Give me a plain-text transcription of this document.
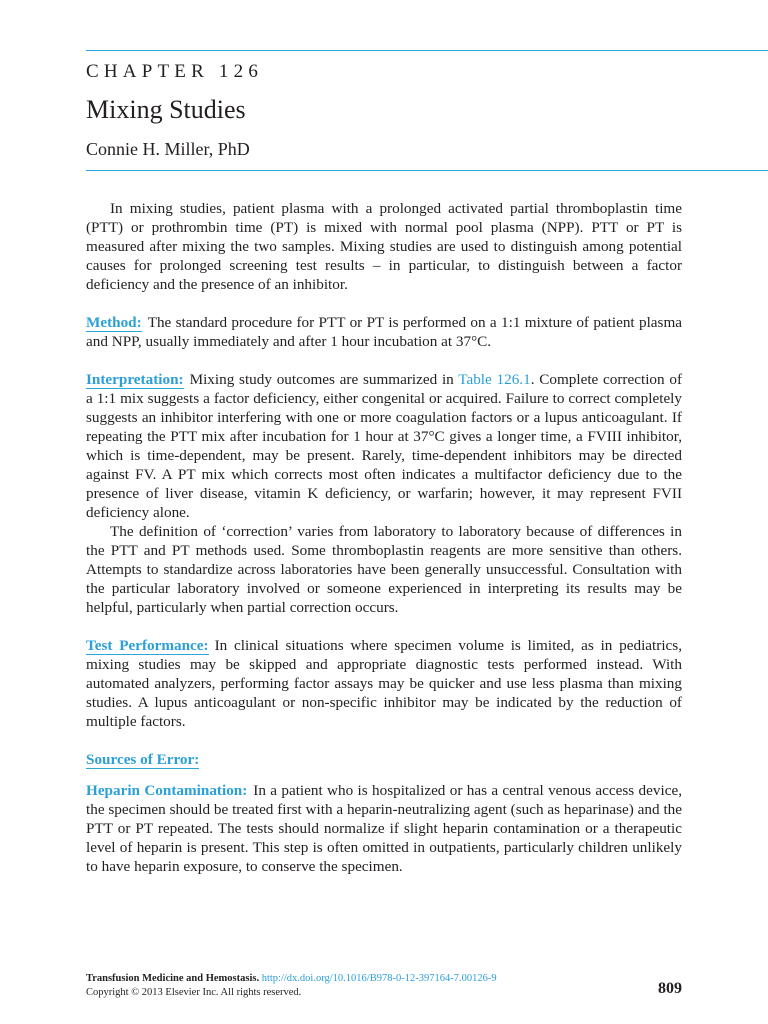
CHAPTER 126
Mixing Studies
Connie H. Miller, PhD

In mixing studies, patient plasma with a prolonged activated partial thromboplastin time (PTT) or prothrombin time (PT) is mixed with normal pool plasma (NPP). PTT or PT is measured after mixing the two samples. Mixing studies are used to distinguish among potential causes for prolonged screening test results – in particular, to distinguish between a factor deficiency and the presence of an inhibitor.

Method: The standard procedure for PTT or PT is performed on a 1:1 mixture of patient plasma and NPP, usually immediately and after 1 hour incubation at 37°C.

Interpretation: Mixing study outcomes are summarized in Table 126.1. Complete correction of a 1:1 mix suggests a factor deficiency, either congenital or acquired. Failure to correct completely suggests an inhibitor interfering with one or more coagulation factors or a lupus anticoagulant. If repeating the PTT mix after incubation for 1 hour at 37°C gives a longer time, a FVIII inhibitor, which is time-dependent, may be present. Rarely, time-dependent inhibitors may be directed against FV. A PT mix which corrects most often indicates a multifactor deficiency due to the presence of liver disease, vitamin K deficiency, or warfarin; however, it may represent FVII deficiency alone.

The definition of ‘correction’ varies from laboratory to laboratory because of differences in the PTT and PT methods used. Some thromboplastin reagents are more sensitive than others. Attempts to standardize across laboratories have been generally unsuccessful. Consultation with the particular laboratory involved or someone experienced in interpreting its results may be helpful, particularly when partial correction occurs.

Test Performance: In clinical situations where specimen volume is limited, as in pediatrics, mixing studies may be skipped and appropriate diagnostic tests performed instead. With automated analyzers, performing factor assays may be quicker and use less plasma than mixing studies. A lupus anticoagulant or non-specific inhibitor may be indicated by the reduction of multiple factors.

Sources of Error:

Heparin Contamination: In a patient who is hospitalized or has a central venous access device, the specimen should be treated first with a heparin-neutralizing agent (such as heparinase) and the PTT or PT repeated. The tests should normalize if slight heparin contamination or a therapeutic level of heparin is present. This step is often omitted in outpatients, particularly children unlikely to have heparin exposure, to conserve the specimen.

Transfusion Medicine and Hemostasis. http://dx.doi.org/10.1016/B978-0-12-397164-7.00126-9
Copyright © 2013 Elsevier Inc. All rights reserved.	809
